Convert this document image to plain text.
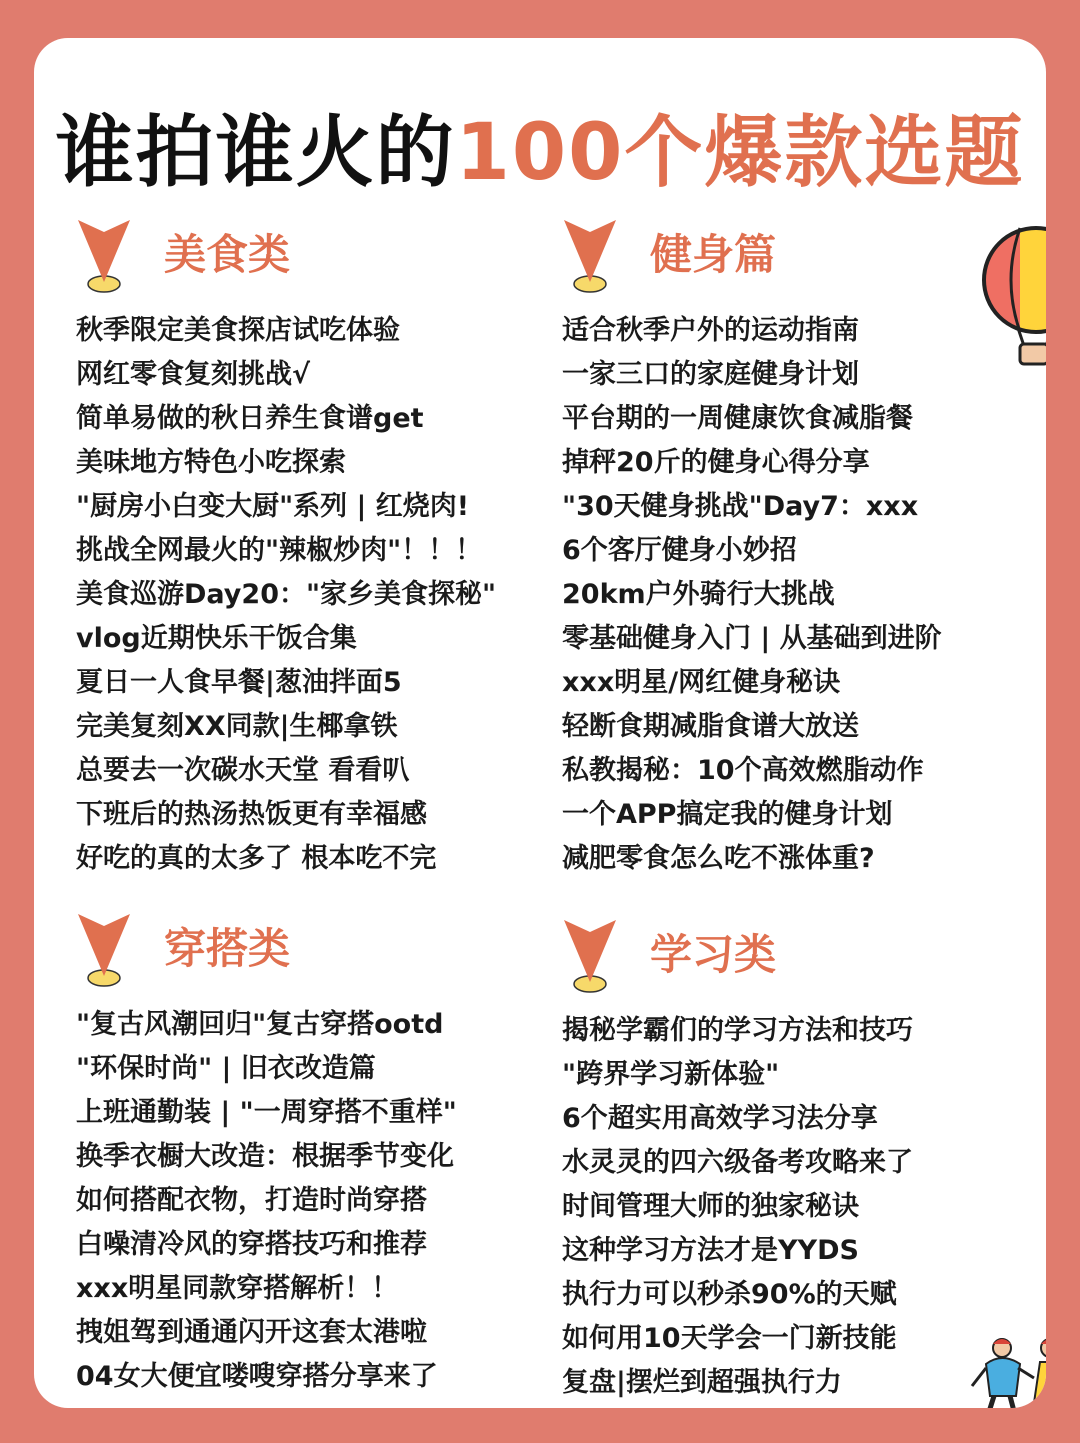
谁拍谁火的100个爆款选题
美食类
秋季限定美食探店试吃体验
网红零食复刻挑战√
简单易做的秋日养生食谱get
美味地方特色小吃探索
"厨房小白变大厨"系列 | 红烧肉!
挑战全网最火的"辣椒炒肉"！！！
美食巡游Day20："家乡美食探秘"
vlog近期快乐干饭合集
夏日一人食早餐|葱油拌面5
完美复刻XX同款|生椰拿铁
总要去一次碳水天堂 看看叭
下班后的热汤热饭更有幸福感
好吃的真的太多了 根本吃不完
健身篇
适合秋季户外的运动指南
一家三口的家庭健身计划
平台期的一周健康饮食减脂餐
掉秤20斤的健身心得分享
"30天健身挑战"Day7：xxx
6个客厅健身小妙招
20km户外骑行大挑战
零基础健身入门 | 从基础到进阶
xxx明星/网红健身秘诀
轻断食期减脂食谱大放送
私教揭秘：10个高效燃脂动作
一个APP搞定我的健身计划
减肥零食怎么吃不涨体重?
穿搭类
"复古风潮回归"复古穿搭ootd
"环保时尚" | 旧衣改造篇
上班通勤装 | "一周穿搭不重样"
换季衣橱大改造：根据季节变化
如何搭配衣物，打造时尚穿搭
白噪清冷风的穿搭技巧和推荐
xxx明星同款穿搭解析！！
拽姐驾到通通闪开这套太港啦
04女大便宜喽嗖穿搭分享来了
学习类
揭秘学霸们的学习方法和技巧
"跨界学习新体验"
6个超实用高效学习法分享
水灵灵的四六级备考攻略来了
时间管理大师的独家秘诀
这种学习方法才是YYDS
执行力可以秒杀90%的天赋
如何用10天学会一门新技能
复盘|摆烂到超强执行力
